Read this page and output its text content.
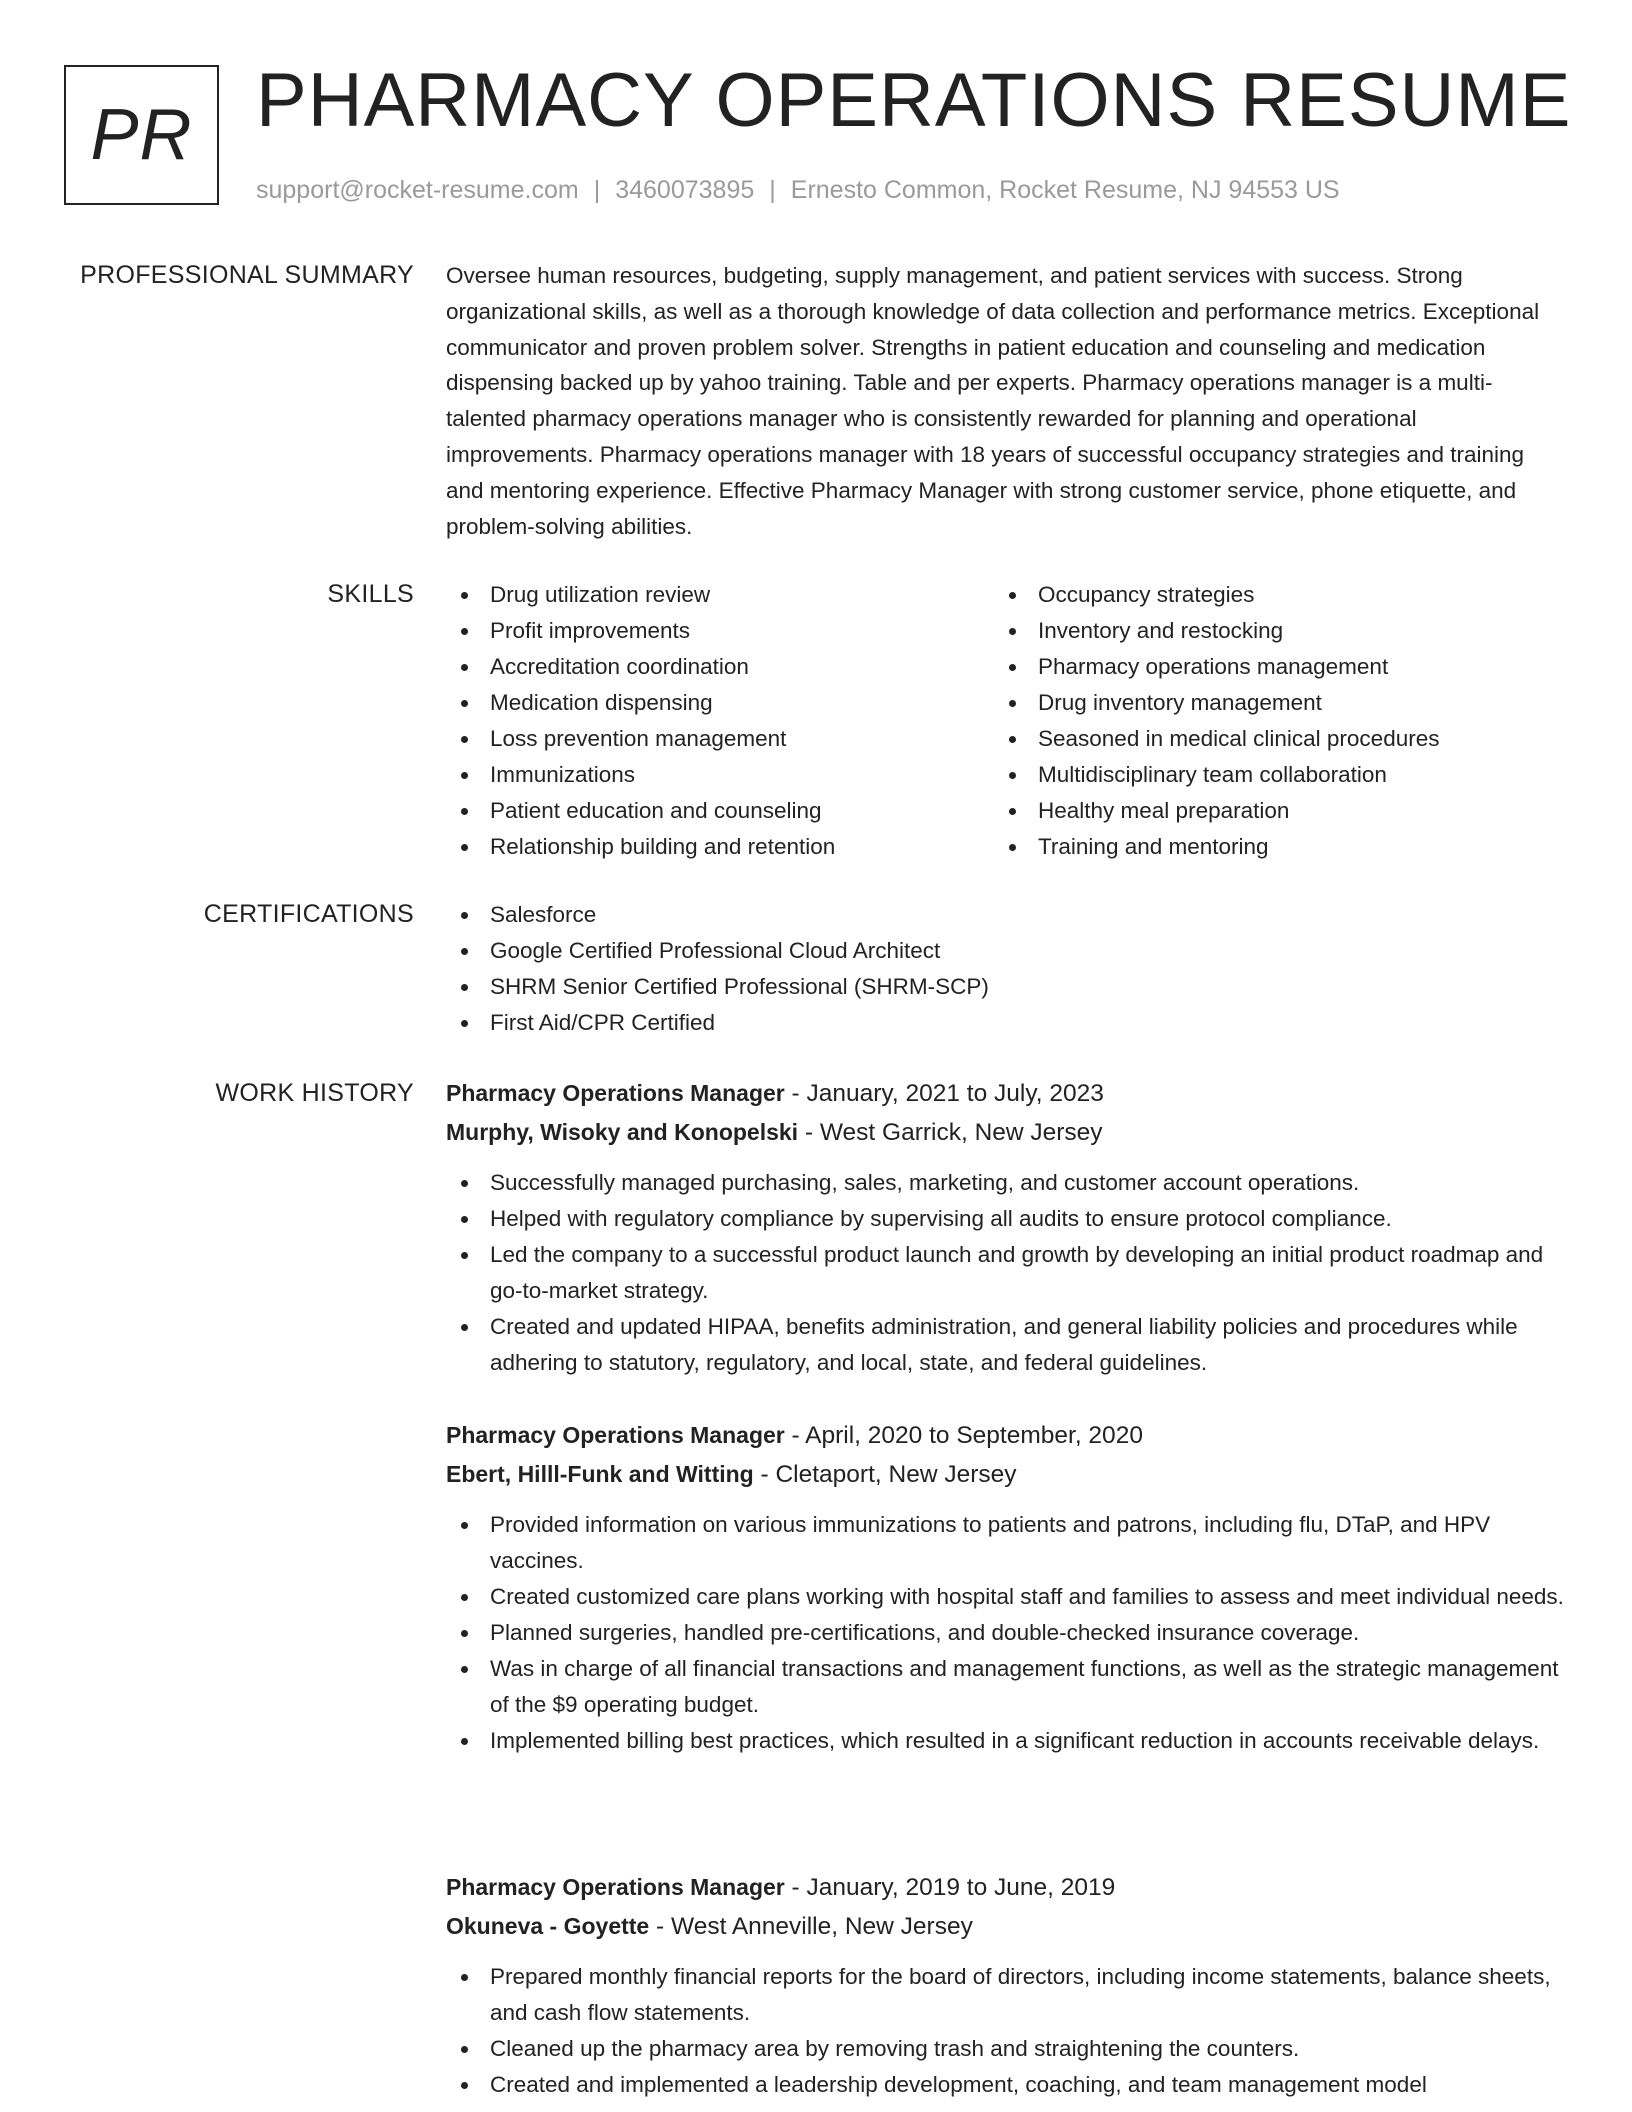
PR PHARMACY OPERATIONS RESUME
support@rocket-resume.com | 3460073895 | Ernesto Common, Rocket Resume, NJ 94553 US
PROFESSIONAL SUMMARY Oversee human resources, budgeting, supply management, and patient services with success. Strong organizational skills, as well as a thorough knowledge of data collection and performance metrics. Exceptional communicator and proven problem solver. Strengths in patient education and counseling and medication dispensing backed up by yahoo training. Table and per experts. Pharmacy operations manager is a multi-talented pharmacy operations manager who is consistently rewarded for planning and operational improvements. Pharmacy operations manager with 18 years of successful occupancy strategies and training and mentoring experience. Effective Pharmacy Manager with strong customer service, phone etiquette, and problem-solving abilities.

SKILLS	Drug utilization review
Profit improvements
Accreditation coordination
Medication dispensing
Loss prevention management
Immunizations
Patient education and counseling
Relationship building and retention
Occupancy strategies
Inventory and restocking
Pharmacy operations management
Drug inventory management
Seasoned in medical clinical procedures
Multidisciplinary team collaboration
Healthy meal preparation
Training and mentoring
CERTIFICATIONS	Salesforce
Google Certified Professional Cloud Architect
SHRM Senior Certified Professional (SHRM-SCP)
First Aid/CPR Certified
WORK HISTORY Pharmacy Operations Manager - January, 2021 to July, 2023
Murphy, Wisoky and Konopelski - West Garrick, New Jersey
Successfully managed purchasing, sales, marketing, and customer account operations.
Helped with regulatory compliance by supervising all audits to ensure protocol compliance.
Led the company to a successful product launch and growth by developing an initial product roadmap and go-to-market strategy.
Created and updated HIPAA, benefits administration, and general liability policies and procedures while adhering to statutory, regulatory, and local, state, and federal guidelines.
Pharmacy Operations Manager - April, 2020 to September, 2020
Ebert, Hilll-Funk and Witting - Cletaport, New Jersey
Provided information on various immunizations to patients and patrons, including flu, DTaP, and HPV vaccines.
Created customized care plans working with hospital staff and families to assess and meet individual needs.
Planned surgeries, handled pre-certifications, and double-checked insurance coverage.
Was in charge of all financial transactions and management functions, as well as the strategic management of the $9 operating budget.
Implemented billing best practices, which resulted in a significant reduction in accounts receivable delays.
Pharmacy Operations Manager - January, 2019 to June, 2019
Okuneva - Goyette - West Anneville, New Jersey
Prepared monthly financial reports for the board of directors, including income statements, balance sheets, and cash flow statements.
Cleaned up the pharmacy area by removing trash and straightening the counters.
Created and implemented a leadership development, coaching, and team management model
